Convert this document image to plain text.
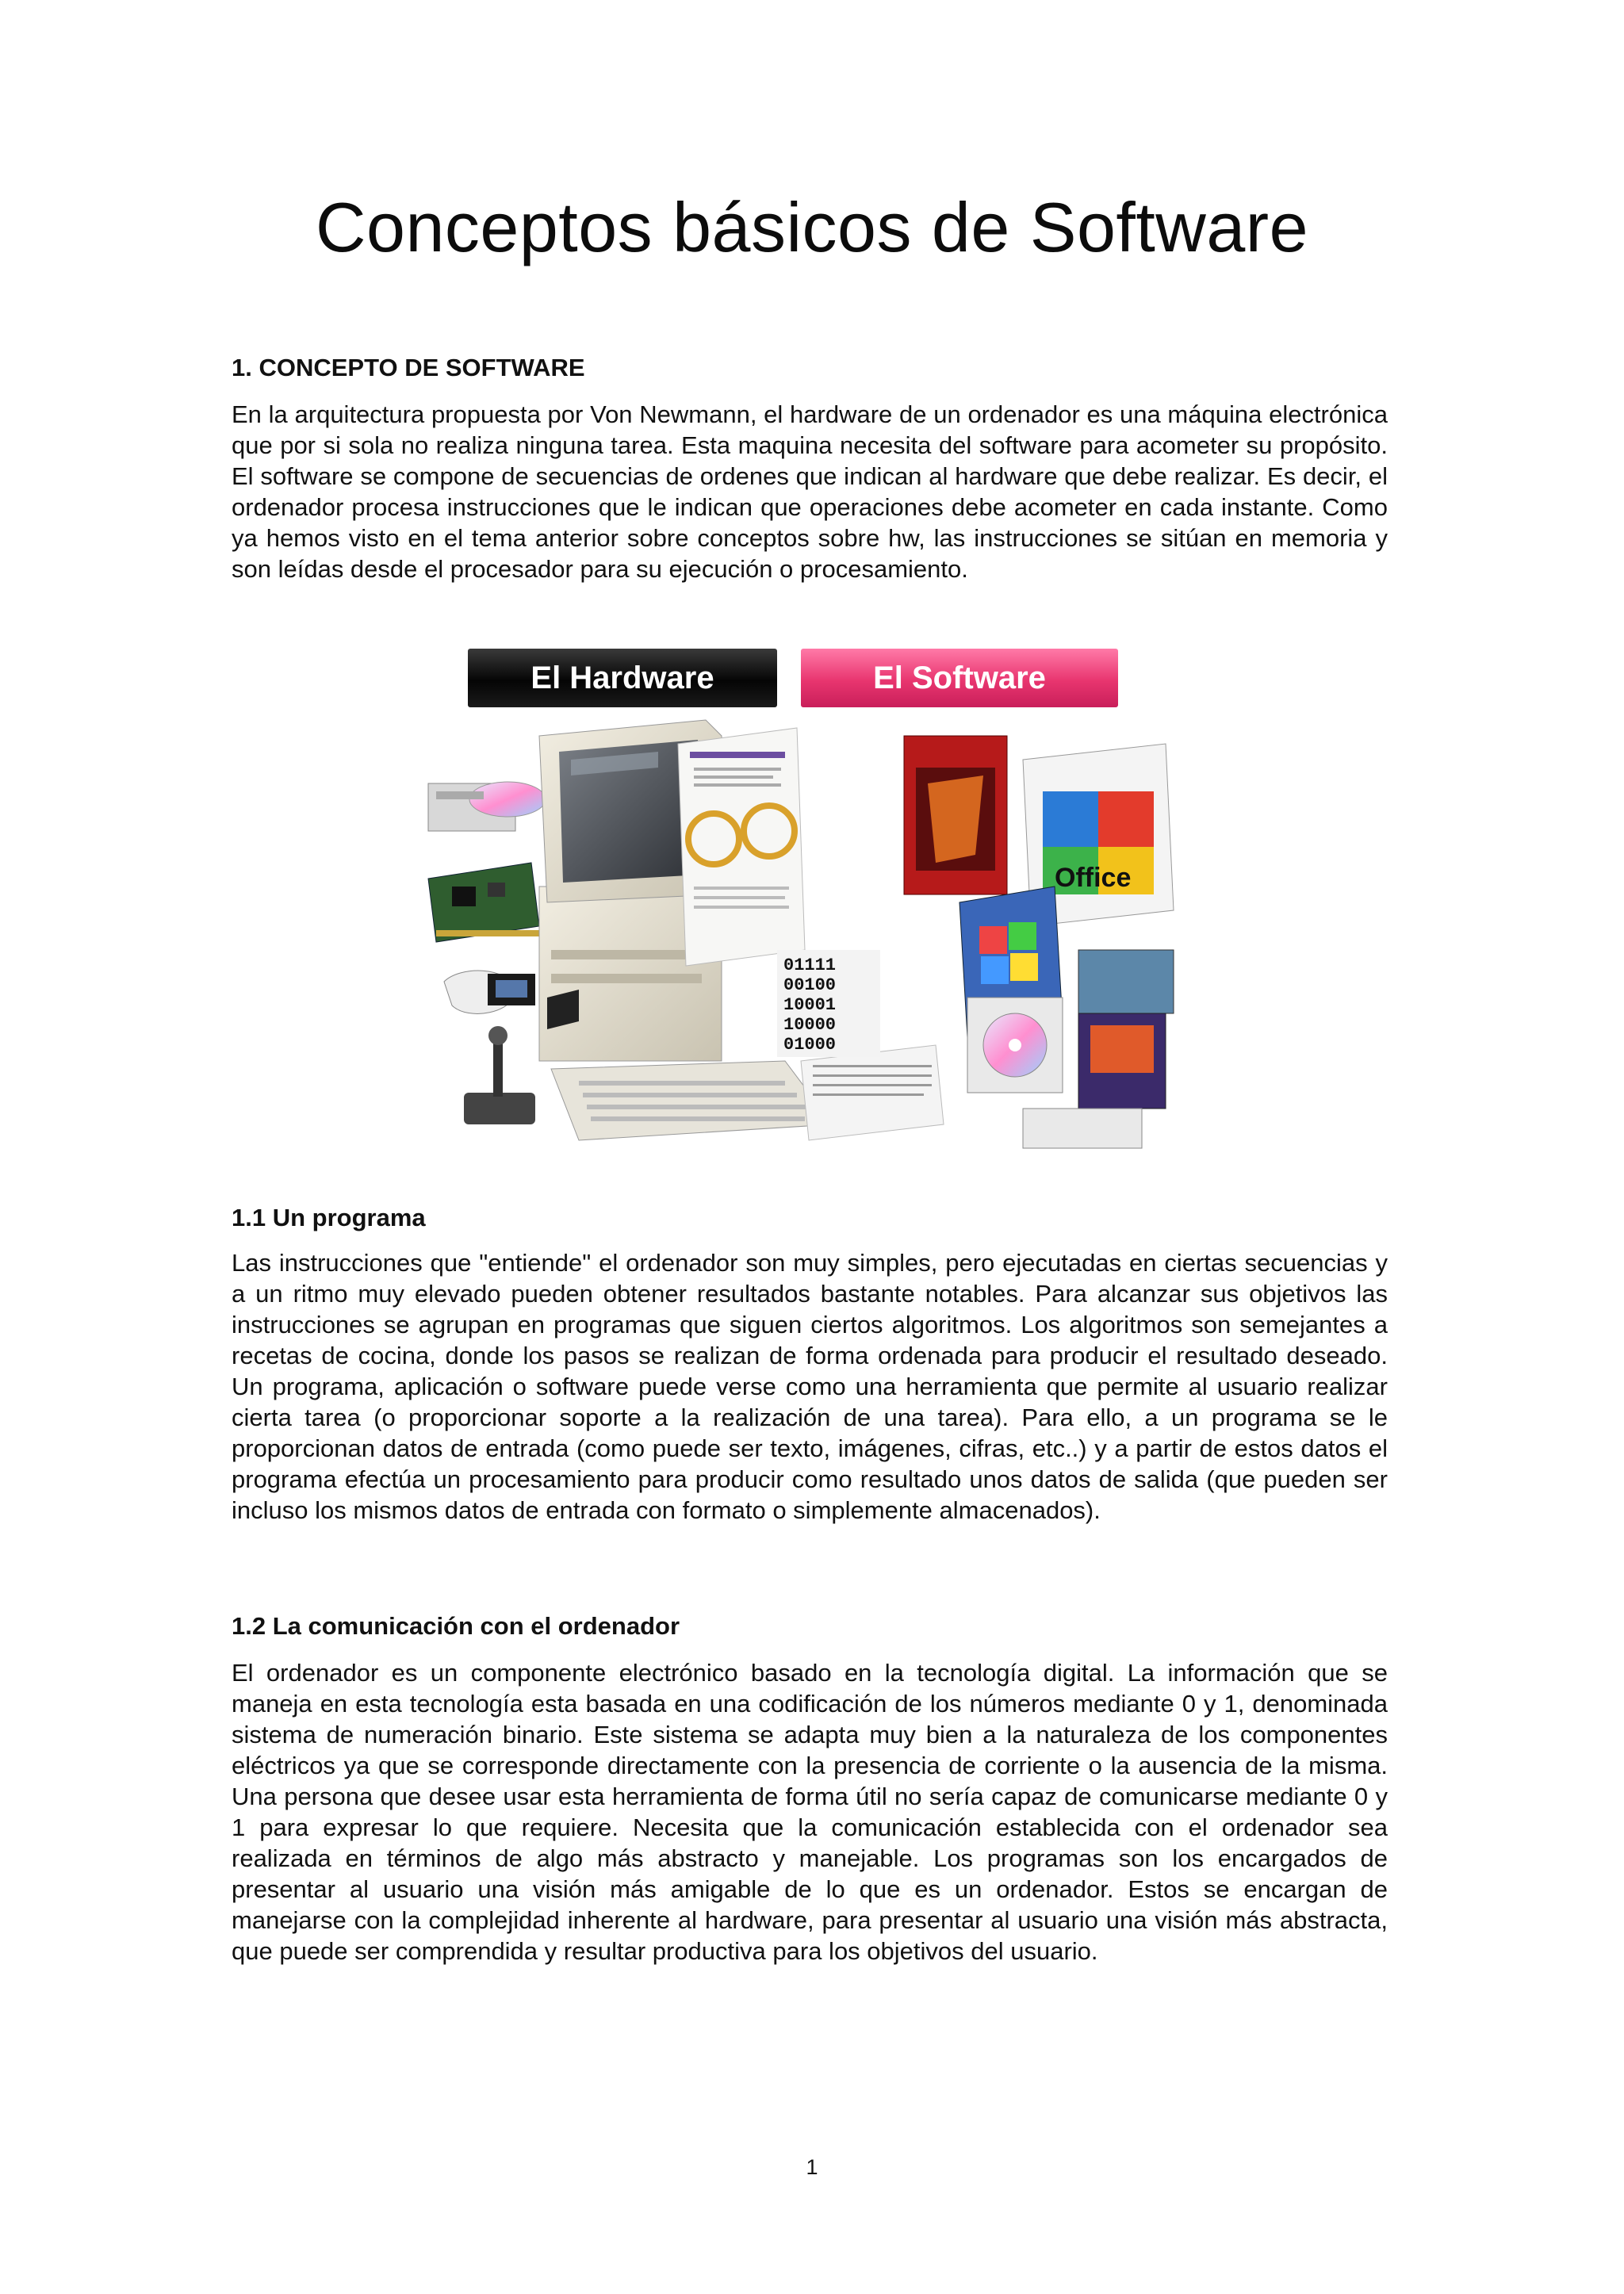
Conceptos básicos de Software
1. CONCEPTO DE SOFTWARE
En la arquitectura propuesta por Von Newmann, el hardware de un ordenador es una máquina electrónica que por si sola no realiza ninguna tarea. Esta maquina necesita del software para acometer su propósito. El software se compone de secuencias de ordenes que indican al hardware que debe realizar. Es decir, el ordenador procesa instrucciones que le indican que operaciones debe acometer en cada instante. Como ya hemos visto en el tema anterior sobre conceptos sobre hw, las instrucciones se sitúan en memoria y son leídas desde el procesador para su ejecución o procesamiento.
El Hardware	El Software
Office
01111
00100
10001
10000
01000
1.1 Un programa
Las instrucciones que "entiende" el ordenador son muy simples, pero ejecutadas en ciertas secuencias y a un ritmo muy elevado pueden obtener resultados bastante notables. Para alcanzar sus objetivos las instrucciones se agrupan en programas que siguen ciertos algoritmos. Los algoritmos son semejantes a recetas de cocina, donde los pasos se realizan de forma ordenada para producir el resultado deseado. Un programa, aplicación o software puede verse como una herramienta que permite al usuario realizar cierta tarea (o proporcionar soporte a la realización de una tarea). Para ello, a un programa se le proporcionan datos de entrada (como puede ser texto, imágenes, cifras, etc..) y a partir de estos datos el programa efectúa un procesamiento para producir como resultado unos datos de salida (que pueden ser incluso los mismos datos de entrada con formato o simplemente almacenados).
1.2 La comunicación con el ordenador
El ordenador es un componente electrónico basado en la tecnología digital. La información que se maneja en esta tecnología esta basada en una codificación de los números mediante 0 y 1, denominada sistema de numeración binario. Este sistema se adapta muy bien a la naturaleza de los componentes eléctricos ya que se corresponde directamente con la presencia de corriente o la ausencia de la misma. Una persona que desee usar esta herramienta de forma útil no sería capaz de comunicarse mediante 0 y 1 para expresar lo que requiere. Necesita que la comunicación establecida con el ordenador sea realizada en términos de algo más abstracto y manejable. Los programas son los encargados de presentar al usuario una visión más amigable de lo que es un ordenador. Estos se encargan de manejarse con la complejidad inherente al hardware, para presentar al usuario una visión más abstracta, que puede ser comprendida y resultar productiva para los objetivos del usuario.
1
